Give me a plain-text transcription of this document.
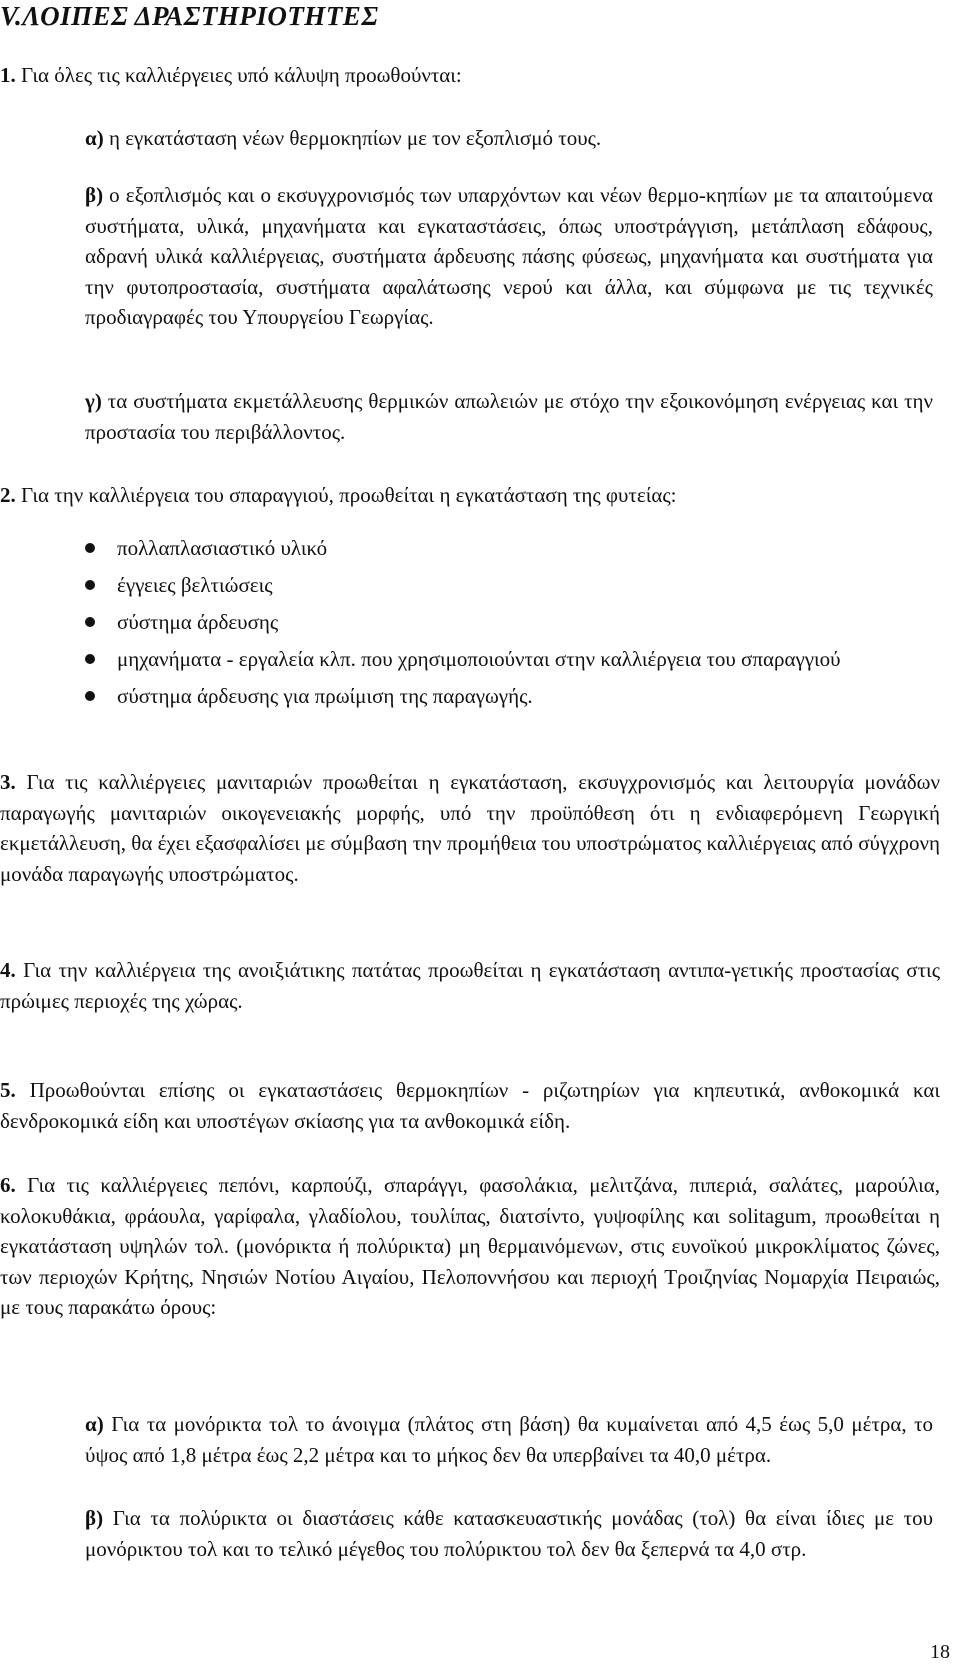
V.ΛΟΙΠΕΣ ΔΡΑΣΤΗΡΙΟΤΗΤΕΣ

1. Για όλες τις καλλιέργειες υπό κάλυψη προωθούνται:

α) η εγκατάσταση νέων θερμοκηπίων με τον εξοπλισμό τους.

β) ο εξοπλισμός και ο εκσυγχρονισμός των υπαρχόντων και νέων θερμο-κηπίων με τα απαιτούμενα συστήματα, υλικά, μηχανήματα και εγκαταστάσεις, όπως υποστράγγιση, μετάπλαση εδάφους, αδρανή υλικά καλλιέργειας, συστήματα άρδευσης πάσης φύσεως, μηχανήματα και συστήματα για την φυτοπροστασία, συστήματα αφαλάτωσης νερού και άλλα, και σύμφωνα με τις τεχνικές προδιαγραφές του Υπουργείου Γεωργίας.

γ) τα συστήματα εκμετάλλευσης θερμικών απωλειών με στόχο την εξοικονόμηση ενέργειας και την προστασία του περιβάλλοντος.

2. Για την καλλιέργεια του σπαραγγιού, προωθείται η εγκατάσταση της φυτείας:

πολλαπλασιαστικό υλικό
έγγειες βελτιώσεις
σύστημα άρδευσης
μηχανήματα - εργαλεία κλπ. που χρησιμοποιούνται στην καλλιέργεια του σπαραγγιού
σύστημα άρδευσης για πρωίμιση της παραγωγής.

3. Για τις καλλιέργειες μανιταριών προωθείται η εγκατάσταση, εκσυγχρονισμός και λειτουργία μονάδων παραγωγής μανιταριών οικογενειακής μορφής, υπό την προϋπόθεση ότι η ενδιαφερόμενη Γεωργική εκμετάλλευση, θα έχει εξασφαλίσει με σύμβαση την προμήθεια του υποστρώματος καλλιέργειας από σύγχρονη μονάδα παραγωγής υποστρώματος.

4. Για την καλλιέργεια της ανοιξιάτικης πατάτας προωθείται η εγκατάσταση αντιπα-γετικής προστασίας στις πρώιμες περιοχές της χώρας.

5. Προωθούνται επίσης οι εγκαταστάσεις θερμοκηπίων - ριζωτηρίων για κηπευτικά, ανθοκομικά και δενδροκομικά είδη και υποστέγων σκίασης για τα ανθοκομικά είδη.

6. Για τις καλλιέργειες πεπόνι, καρπούζι, σπαράγγι, φασολάκια, μελιτζάνα, πιπεριά, σαλάτες, μαρούλια, κολοκυθάκια, φράουλα, γαρίφαλα, γλαδίολου, τουλίπας, διατσίντο, γυψοφίλης και solitagum, προωθείται η εγκατάσταση υψηλών τολ. (μονόρικτα ή πολύρικτα) μη θερμαινόμενων, στις ευνοϊκού μικροκλίματος ζώνες, των περιοχών Κρήτης, Νησιών Νοτίου Αιγαίου, Πελοποννήσου και περιοχή Τροιζηνίας Νομαρχία Πειραιώς, με τους παρακάτω όρους:

α) Για τα μονόρικτα τολ το άνοιγμα (πλάτος στη βάση) θα κυμαίνεται από 4,5 έως 5,0 μέτρα, το ύψος από 1,8 μέτρα έως 2,2 μέτρα και το μήκος δεν θα υπερβαίνει τα 40,0 μέτρα.

β) Για τα πολύρικτα οι διαστάσεις κάθε κατασκευαστικής μονάδας (τολ) θα είναι ίδιες με του μονόρικτου τολ και το τελικό μέγεθος του πολύρικτου τολ δεν θα ξεπερνά τα 4,0 στρ.

18
